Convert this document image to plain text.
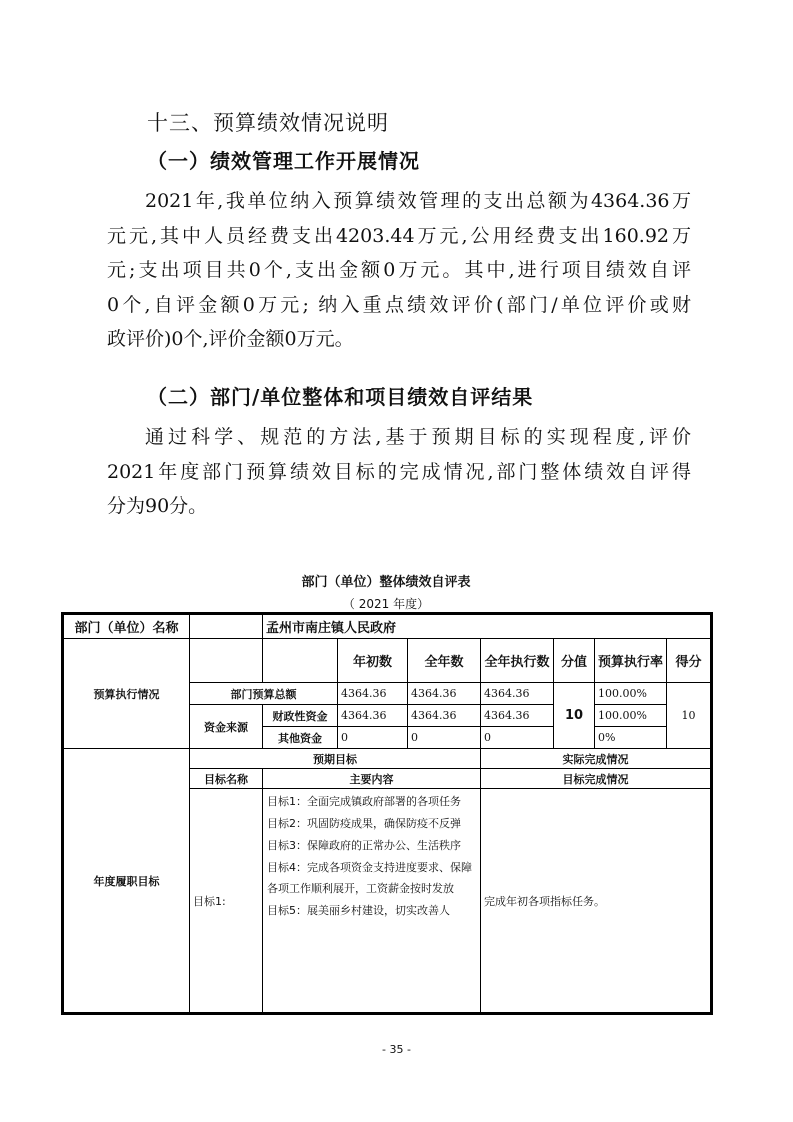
十三、预算绩效情况说明
（一）绩效管理工作开展情况
2021年,我单位纳入预算绩效管理的支出总额为4364.36万
元元,其中人员经费支出4203.44万元,公用经费支出160.92万
元;支出项目共0个,支出金额0万元。其中,进行项目绩效自评
0个,自评金额0万元; 纳入重点绩效评价(部门/单位评价或财
政评价)0个,评价金额0万元。
（二）部门/单位整体和项目绩效自评结果
通过科学、规范的方法,基于预期目标的实现程度,评价
2021年度部门预算绩效目标的完成情况,部门整体绩效自评得
分为90分。
部门（单位）整体绩效自评表
（ 2021 年度）
部门（单位）名称		孟州市南庄镇人民政府						
预算执行情况			年初数	全年数	全年执行数	分值	预算执行率	得分
	部门预算总额		4364.36	4364.36	4364.36	10	100.00%	10
	资金来源	财政性资金	4364.36	4364.36	4364.36		100.00%	
		其他资金	0	0	0		0%	
年度履职目标	预期目标				实际完成情况			
	目标名称	主要内容			目标完成情况			
	目标1:	目标1：全面完成镇政府部署的各项任务
目标2：巩固防疫成果，确保防疫不反弹
目标3：保障政府的正常办公、生活秩序
目标4：完成各项资金支持进度要求、保障各项工作顺利展开，工资薪金按时发放
目标5：展美丽乡村建设，切实改善人			完成年初各项指标任务。			
- 35 -
